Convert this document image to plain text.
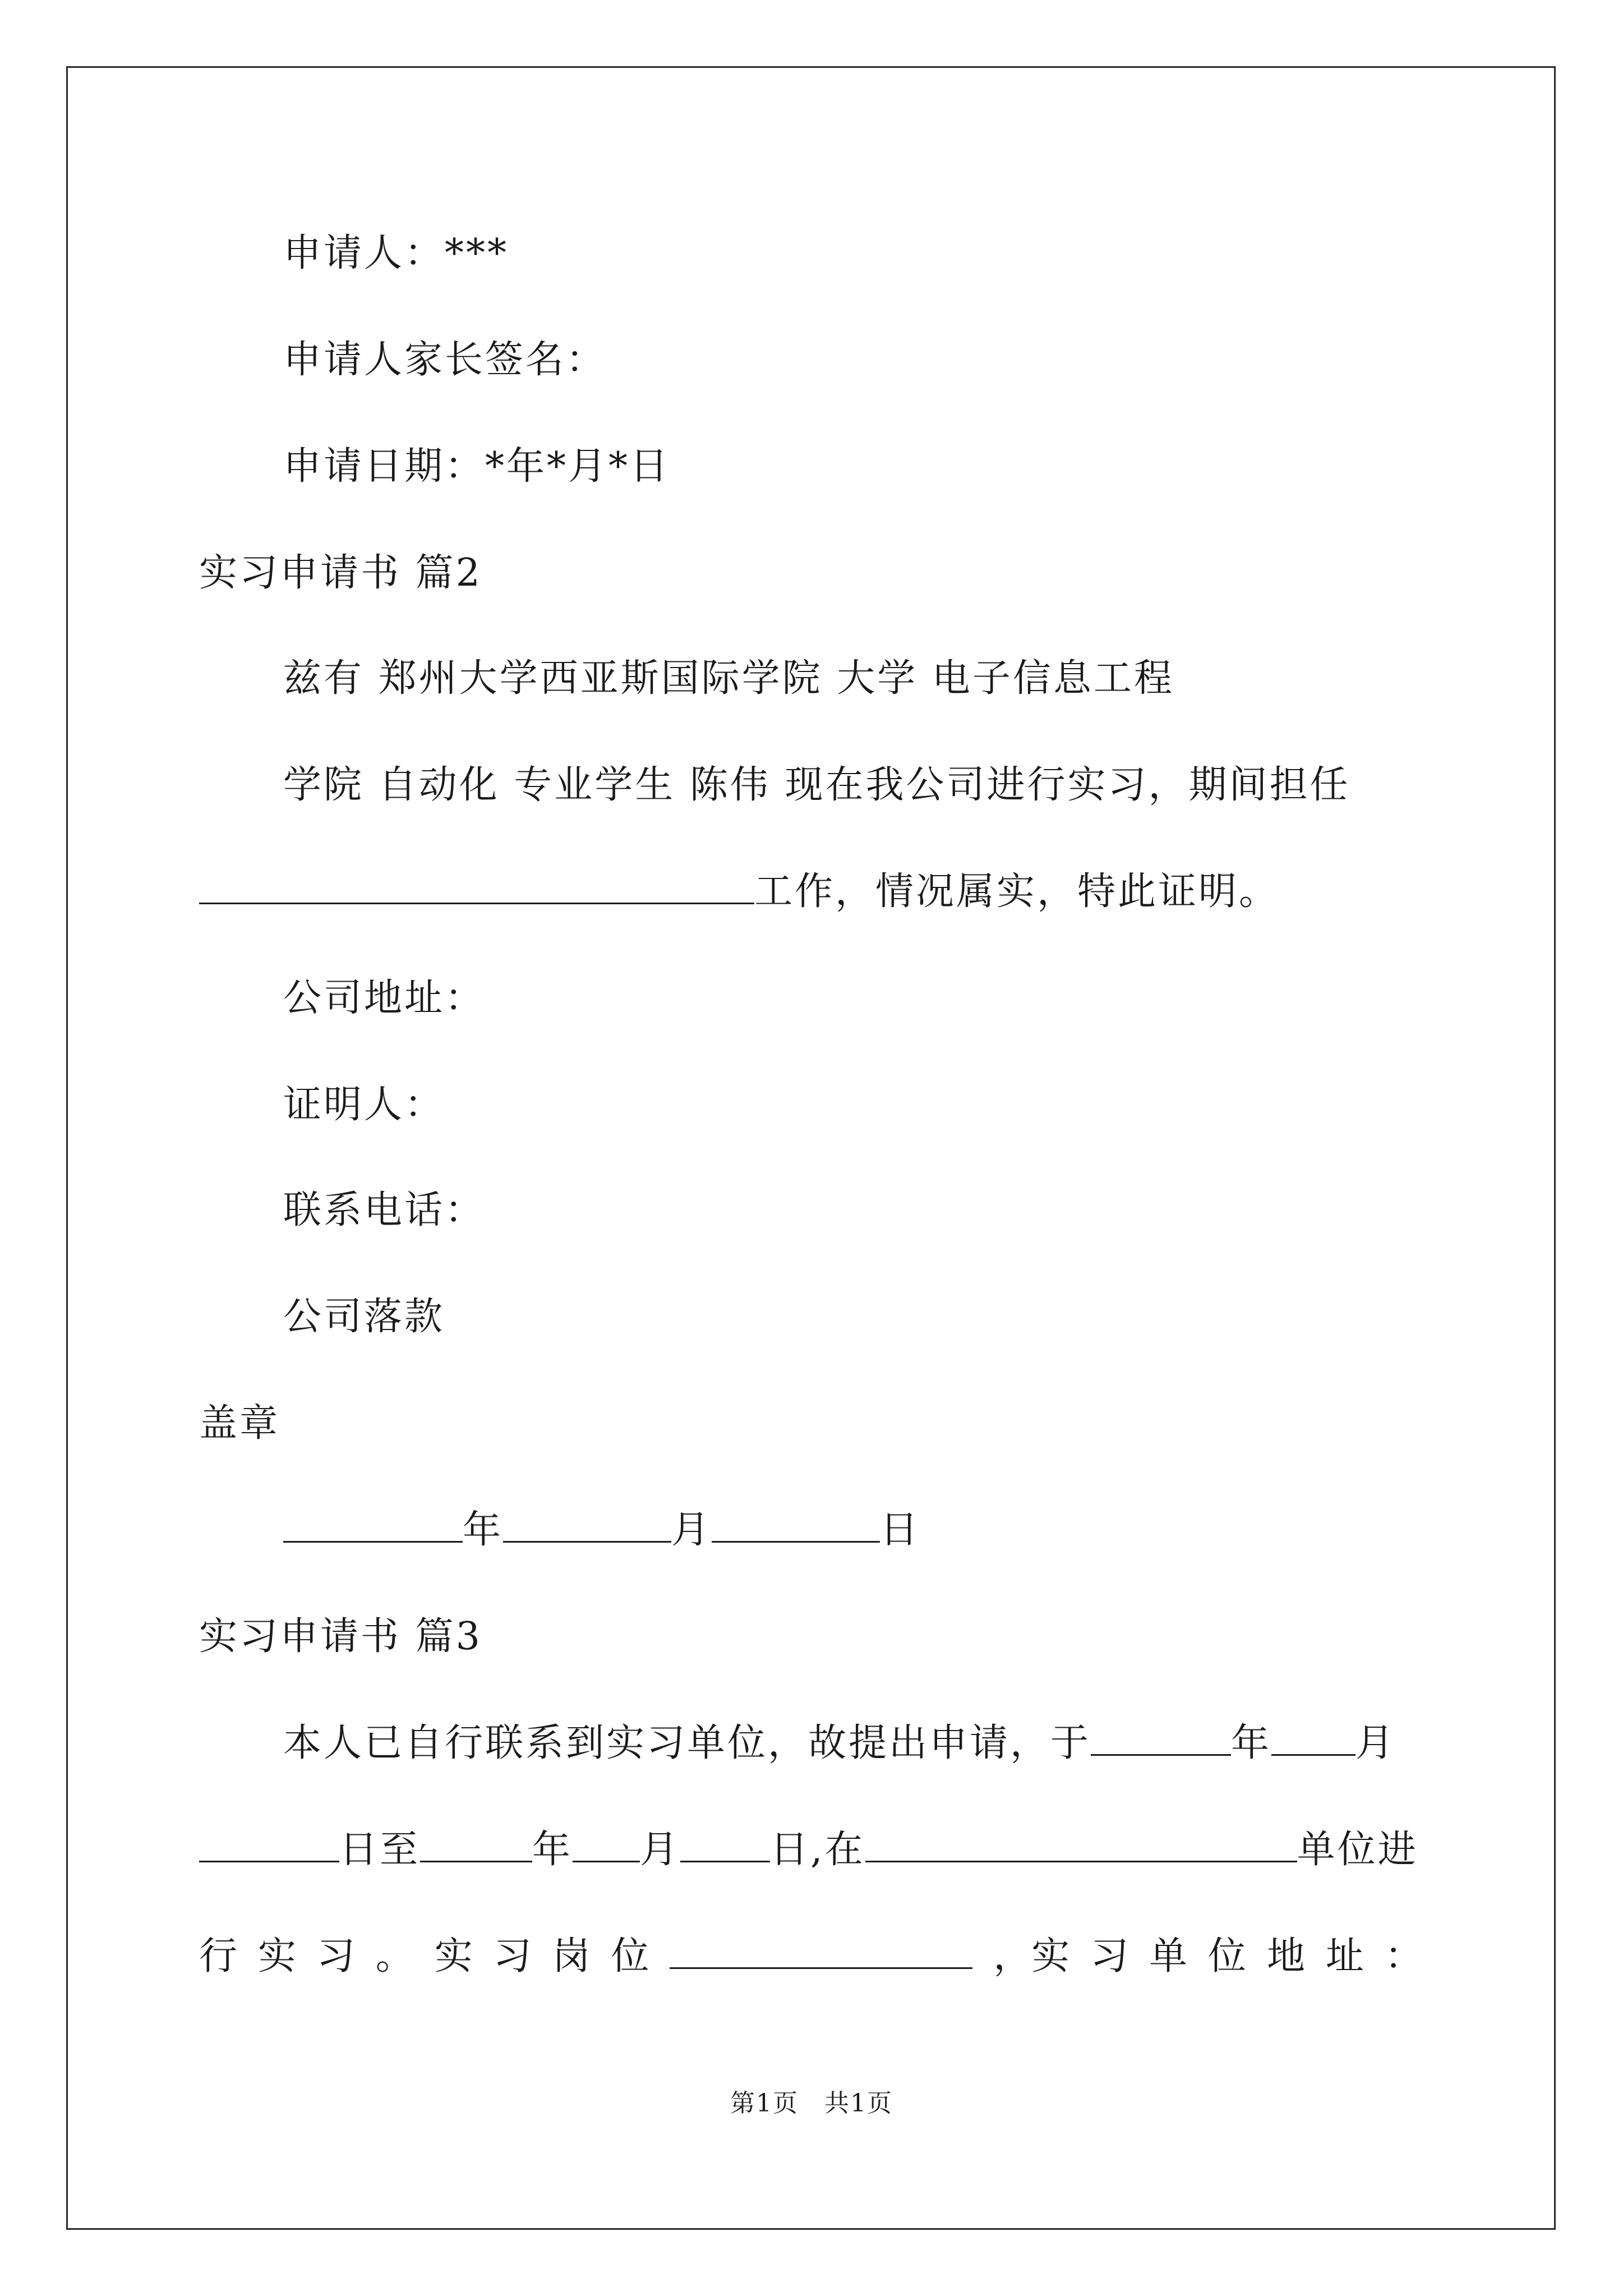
申请人：***
申请人家长签名：
申请日期：*年*月*日
实习申请书 篇2
兹有 郑州大学西亚斯国际学院 大学 电子信息工程
学院 自动化 专业学生 陈伟 现在我公司进行实习，期间担任
工作，情况属实，特此证明。
公司地址：
证明人：
联系电话：
公司落款
盖章
年	月	日
实习申请书 篇3
本人已自行联系到实习单位，故提出申请，于	年 月
日至	年 月 日,在	单位进
行 实 习 。 实 习 岗 位	，实 习 单 位 地 址 ：
第1页　共1页
